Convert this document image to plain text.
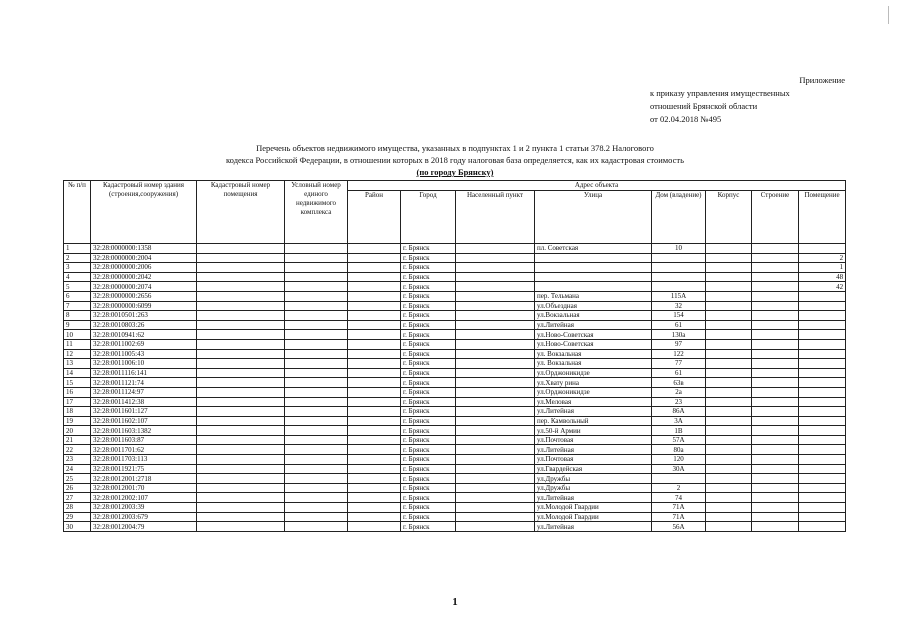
Приложение
к приказу управления имущественных
отношений Брянской области
от 02.04.2018 №495
Перечень объектов недвижимого имущества, указанных в подпунктах 1 и 2 пункта 1 статьи 378.2 Налогового
кодекса Российской Федерации, в отношении которых в 2018 году налоговая база определяется, как их кадастровая стоимость
(по городу Брянску)
№ п/п	Кадастровый номер здания (строения,сооружения)	Кадастровый номер помещения	Условный номер единого недвижимого комплекса	Адрес объекта							
				Район	Город	Населенный пункт	Улица	Дом (владение)	Корпус	Строение	Помещение
1	32:28:0000000:1358				г. Брянск		пл. Советская	10			
2	32:28:0000000:2004				г. Брянск						2
3	32:28:0000000:2006				г. Брянск						1
4	32:28:0000000:2042				г. Брянск						48
5	32:28:0000000:2074				г. Брянск						42
6	32:28:0000000:2656				г. Брянск		пер. Тельмана	115А			
7	32:28:0000000:6099				г. Брянск		ул.Объездная	32			
8	32:28:0010501:263				г. Брянск		ул.Вокзальная	154			
9	32:28:0010803:26				г. Брянск		ул.Литейная	61			
10	32:28:0010941:62				г. Брянск		ул.Ново-Советская	130а			
11	32:28:0011002:69				г. Брянск		ул.Ново-Советская	97			
12	32:28:0011005:43				г. Брянск		ул. Вокзальная	122			
13	32:28:0011006:10				г. Брянск		ул. Вокзальная	77			
14	32:28:0011116:141				г. Брянск		ул.Орджоникидзе	61			
15	32:28:0011121:74				г. Брянск		ул.Хвату рина	63в			
16	32:28:0011124:97				г. Брянск		ул.Орджоникидзе	2а			
17	32:28:0011412:38				г. Брянск		ул.Меловая	23			
18	32:28:0011601:127				г. Брянск		ул.Литейная	86А			
19	32:28:0011602:107				г. Брянск		пер. Камвольный	3А			
20	32:28:0011603:1382				г. Брянск		ул.50-й Армии	1В			
21	32:28:0011603:87				г. Брянск		ул.Почтовая	57А			
22	32:28:0011701:62				г. Брянск		ул.Литейная	80а			
23	32:28:0011703:113				г. Брянск		ул.Почтовая	120			
24	32:28:0011921:75				г. Брянск		ул.Гвардейская	30А			
25	32:28:0012001:2718				г. Брянск		ул.Дружбы				
26	32:28:0012001:70				г. Брянск		ул.Дружбы	2			
27	32:28:0012002:107				г. Брянск		ул.Литейная	74			
28	32:28:0012003:39				г. Брянск		ул.Молодой Гвардии	71А			
29	32:28:0012003:679				г. Брянск		ул.Молодой Гвардии	71А			
30	32:28:0012004:79				г. Брянск		ул.Литейная	56А			
1
